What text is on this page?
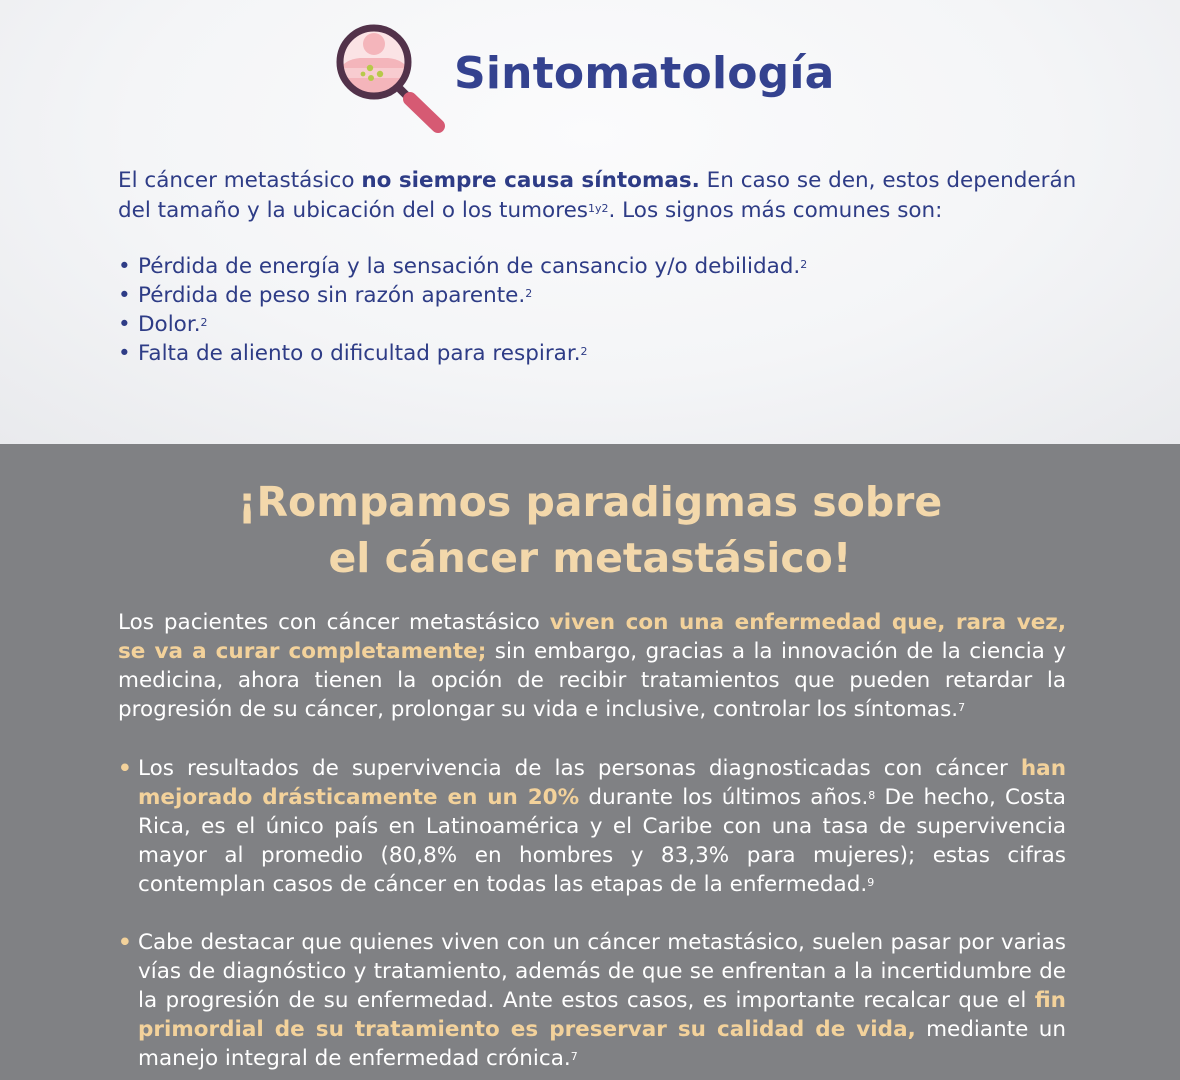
Sintomatología

El cáncer metastásico no siempre causa síntomas. En caso se den, estos dependerán del tamaño y la ubicación del o los tumores$^{1y2}$. Los signos más comunes son:

• Pérdida de energía y la sensación de cansancio y/o debilidad.$^2$
• Pérdida de peso sin razón aparente.$^2$
• Dolor.$^2$
• Falta de aliento o dificultad para respirar.$^2$
¡Rompamos paradigmas sobre
el cáncer metastásico!

Los pacientes con cáncer metastásico viven con una enfermedad que, rara vez, se va a curar completamente; sin embargo, gracias a la innovación de la ciencia y medicina, ahora tienen la opción de recibir tratamientos que pueden retardar la progresión de su cáncer, prolongar su vida e inclusive, controlar los síntomas.$^7$

• Los resultados de supervivencia de las personas diagnosticadas con cáncer han mejorado drásticamente en un 20% durante los últimos años.$^8$ De hecho, Costa Rica, es el único país en Latinoamérica y el Caribe con una tasa de supervivencia mayor al promedio (80,8% en hombres y 83,3% para mujeres); estas cifras contemplan casos de cáncer en todas las etapas de la enfermedad.$^9$
• Cabe destacar que quienes viven con un cáncer metastásico, suelen pasar por varias vías de diagnóstico y tratamiento, además de que se enfrentan a la incertidumbre de la progresión de su enfermedad. Ante estos casos, es importante recalcar que el fin primordial de su tratamiento es preservar su calidad de vida, mediante un manejo integral de enfermedad crónica.$^7$
